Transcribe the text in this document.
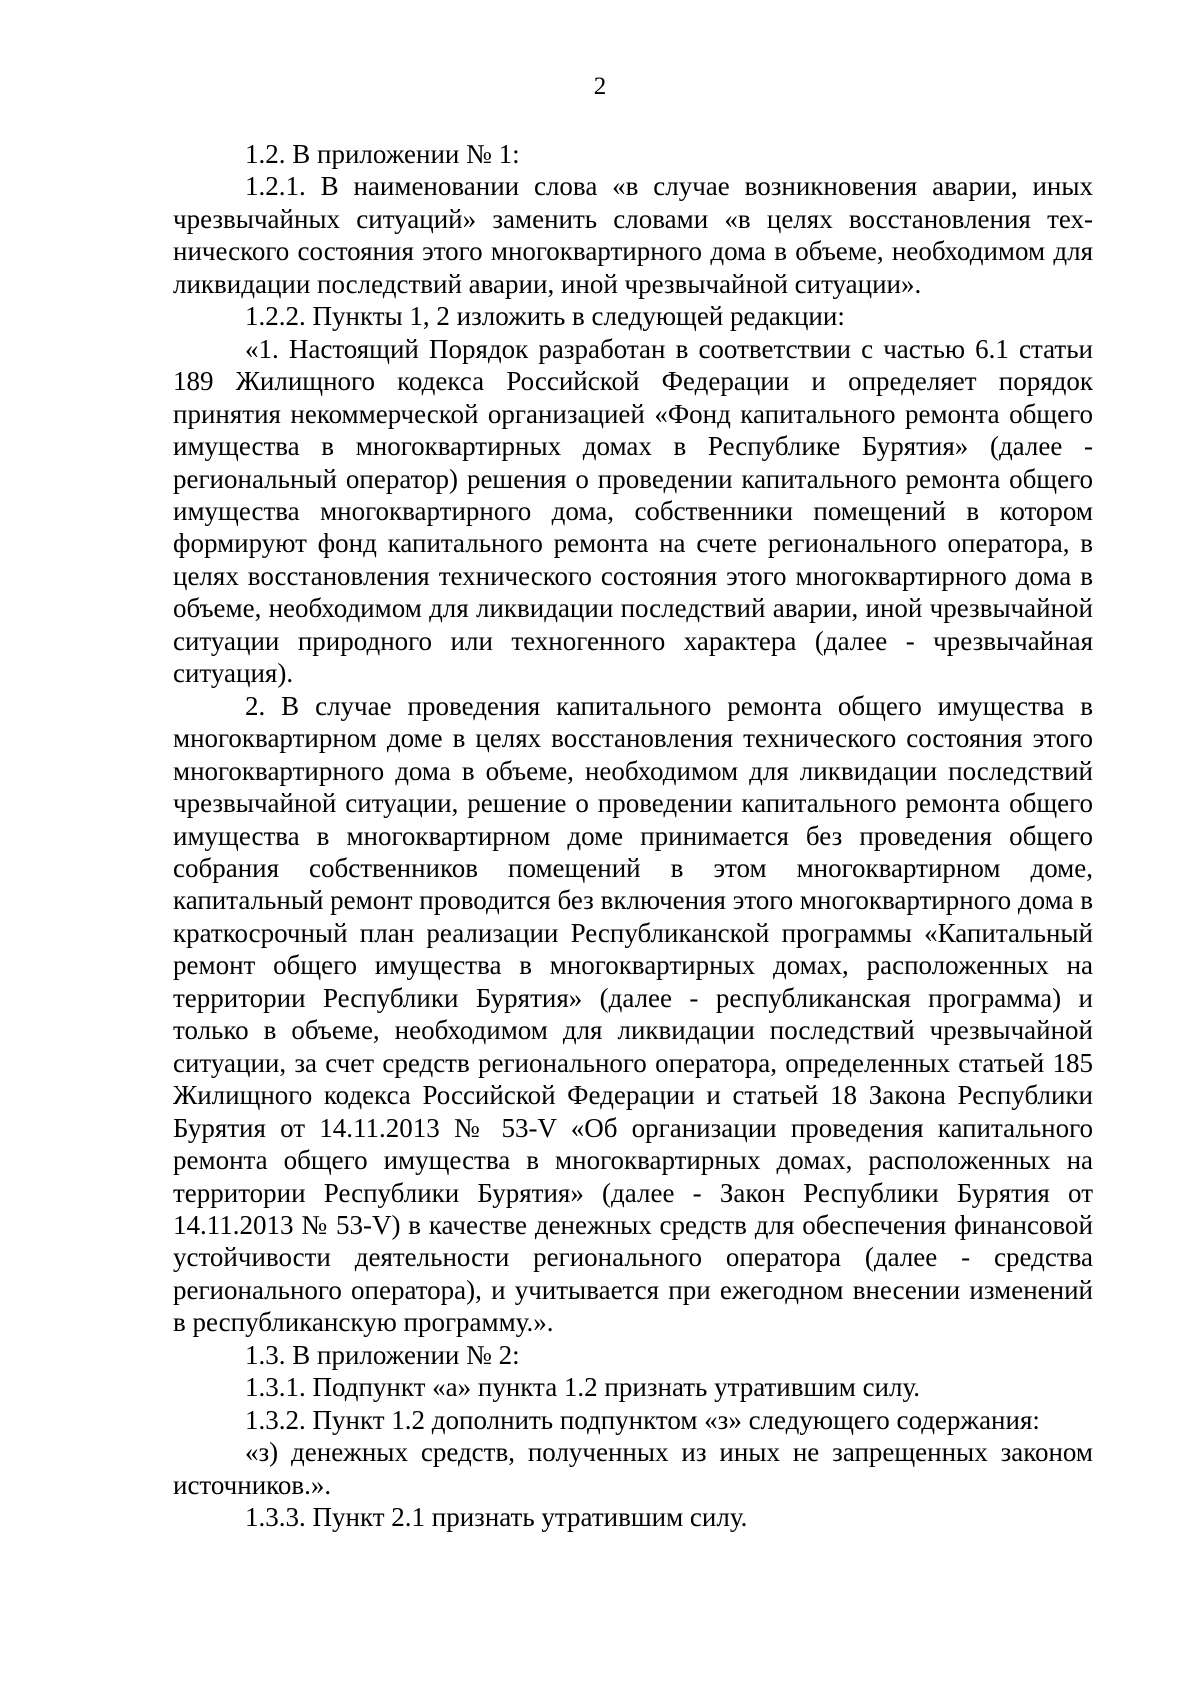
2

1.2. В приложении № 1:

1.2.1. В наименовании слова «в случае возникновения аварии, иных чрезвычайных ситуаций» заменить словами «в целях восстановления технического состояния этого многоквартирного дома в объеме, необходимом для ликвидации последствий аварии, иной чрезвычайной ситуации».

1.2.2. Пункты 1, 2 изложить в следующей редакции:

«1. Настоящий Порядок разработан в соответствии с частью 6.1 статьи 189 Жилищного кодекса Российской Федерации и определяет порядок принятия некоммерческой организацией «Фонд капитального ремонта общего имущества в многоквартирных домах в Республике Бурятия» (далее - региональный оператор) решения о проведении капитального ремонта общего имущества многоквартирного дома, собственники помещений в котором формируют фонд капитального ремонта на счете регионального оператора, в целях восстановления технического состояния этого многоквартирного дома в объеме, необходимом для ликвидации последствий аварии, иной чрезвычайной ситуации природного или техногенного характера (далее - чрезвычайная ситуация).

2. В случае проведения капитального ремонта общего имущества в многоквартирном доме в целях восстановления технического состояния этого многоквартирного дома в объеме, необходимом для ликвидации последствий чрезвычайной ситуации, решение о проведении капитального ремонта общего имущества в многоквартирном доме принимается без проведения общего собрания собственников помещений в этом многоквартирном доме, капитальный ремонт проводится без включения этого многоквартирного дома в краткосрочный план реализации Республиканской программы «Капитальный ремонт общего имущества в многоквартирных домах, расположенных на территории Республики Бурятия» (далее - республиканская программа) и только в объеме, необходимом для ликвидации последствий чрезвычайной ситуации, за счет средств регионального оператора, определенных статьей 185 Жилищного кодекса Российской Федерации и статьей 18 Закона Республики Бурятия от 14.11.2013 № 53-V «Об организации проведения капитального ремонта общего имущества в многоквартирных домах, расположенных на территории Республики Бурятия» (далее - Закон Республики Бурятия от 14.11.2013 № 53-V) в качестве денежных средств для обеспечения финансовой устойчивости деятельности регионального оператора (далее - средства регионального оператора), и учитывается при ежегодном внесении изменений в республиканскую программу.».

1.3. В приложении № 2:

1.3.1. Подпункт «а» пункта 1.2 признать утратившим силу.

1.3.2. Пункт 1.2 дополнить подпунктом «з» следующего содержания:

«з) денежных средств, полученных из иных не запрещенных законом источников.».

1.3.3. Пункт 2.1 признать утратившим силу.
